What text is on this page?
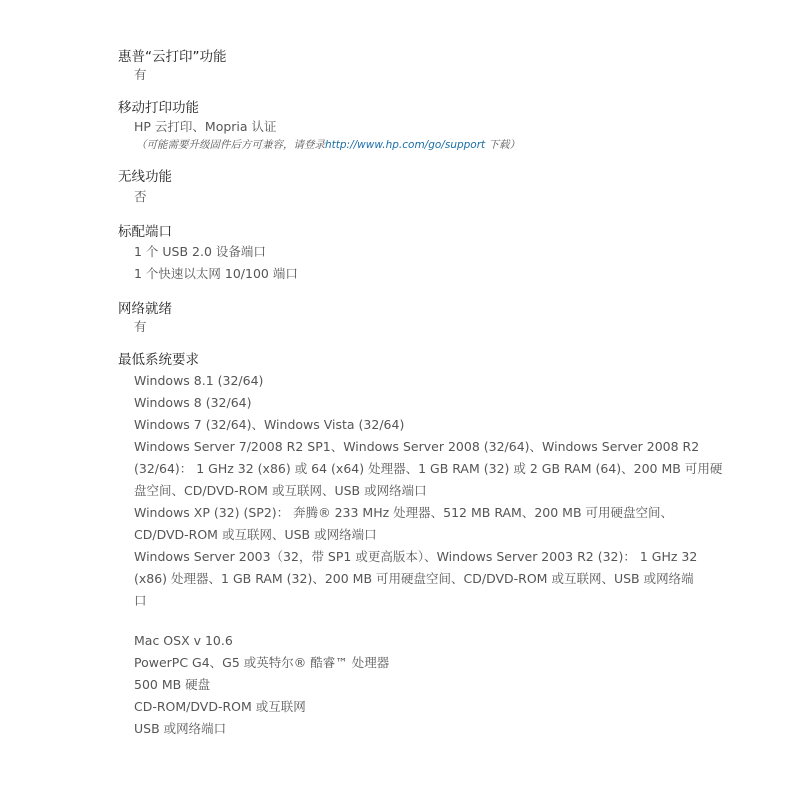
惠普“云打印”功能
有
移动打印功能
HP 云打印、Mopria 认证
（可能需要升级固件后方可兼容，请登录http://www.hp.com/go/support 下载）
无线功能
否
标配端口
1 个 USB 2.0 设备端口
1 个快速以太网 10/100 端口
网络就绪
有
最低系统要求
Windows 8.1 (32/64)
Windows 8 (32/64)
Windows 7 (32/64)、Windows Vista (32/64)
Windows Server 7/2008 R2 SP1、Windows Server 2008 (32/64)、Windows Server 2008 R2
(32/64)： 1 GHz 32 (x86) 或 64 (x64) 处理器、1 GB RAM (32) 或 2 GB RAM (64)、200 MB 可用硬
盘空间、CD/DVD-ROM 或互联网、USB 或网络端口
Windows XP (32) (SP2)： 奔腾® 233 MHz 处理器、512 MB RAM、200 MB 可用硬盘空间、
CD/DVD-ROM 或互联网、USB 或网络端口
Windows Server 2003（32，带 SP1 或更高版本）、Windows Server 2003 R2 (32)： 1 GHz 32
(x86) 处理器、1 GB RAM (32)、200 MB 可用硬盘空间、CD/DVD-ROM 或互联网、USB 或网络端
口
Mac OSX v 10.6
PowerPC G4、G5 或英特尔® 酷睿™ 处理器
500 MB 硬盘
CD-ROM/DVD-ROM 或互联网
USB 或网络端口
